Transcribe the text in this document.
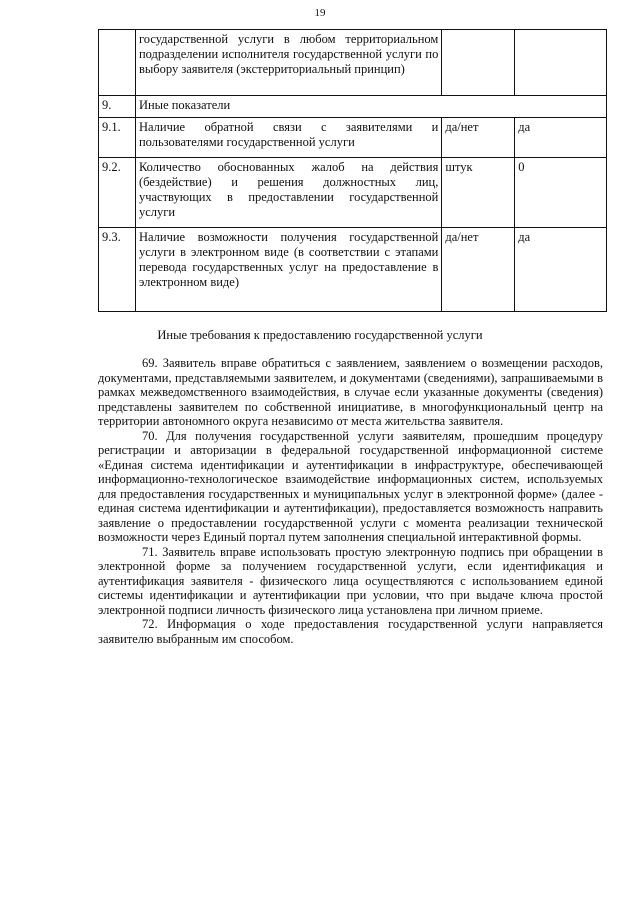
19
	государственной услуги в любом территориальном подразделении исполнителя государственной услуги по выбору заявителя (экстерриториальный принцип)		
9.	Иные показатели		
9.1.	Наличие обратной связи с заявителями и пользователями государственной услуги	да/нет	да
9.2.	Количество обоснованных жалоб на действия (бездействие) и решения должностных лиц, участвующих в предоставлении государственной услуги	штук	0
9.3.	Наличие возможности получения государственной услуги в электронном виде (в соответствии с этапами перевода государственных услуг на предоставление в электронном виде)	да/нет	да
Иные требования к предоставлению государственной услуги

69. Заявитель вправе обратиться с заявлением, заявлением о возмещении расходов, документами, представляемыми заявителем, и документами (сведениями), запрашиваемыми в рамках межведомственного взаимодействия, в случае если указанные документы (сведения) представлены заявителем по собственной инициативе, в многофункциональный центр на территории автономного округа независимо от места жительства заявителя.

70. Для получения государственной услуги заявителям, прошедшим процедуру регистрации и авторизации в федеральной государственной информационной системе «Единая система идентификации и аутентификации в инфраструктуре, обеспечивающей информационно-технологическое взаимодействие информационных систем, используемых для предоставления государственных и муниципальных услуг в электронной форме» (далее - единая система идентификации и аутентификации), предоставляется возможность направить заявление о предоставлении государственной услуги с момента реализации технической возможности через Единый портал путем заполнения специальной интерактивной формы.

71. Заявитель вправе использовать простую электронную подпись при обращении в электронной форме за получением государственной услуги, если идентификация и аутентификация заявителя - физического лица осуществляются с использованием единой системы идентификации и аутентификации при условии, что при выдаче ключа простой электронной подписи личность физического лица установлена при личном приеме.

72. Информация о ходе предоставления государственной услуги направляется заявителю выбранным им способом.
